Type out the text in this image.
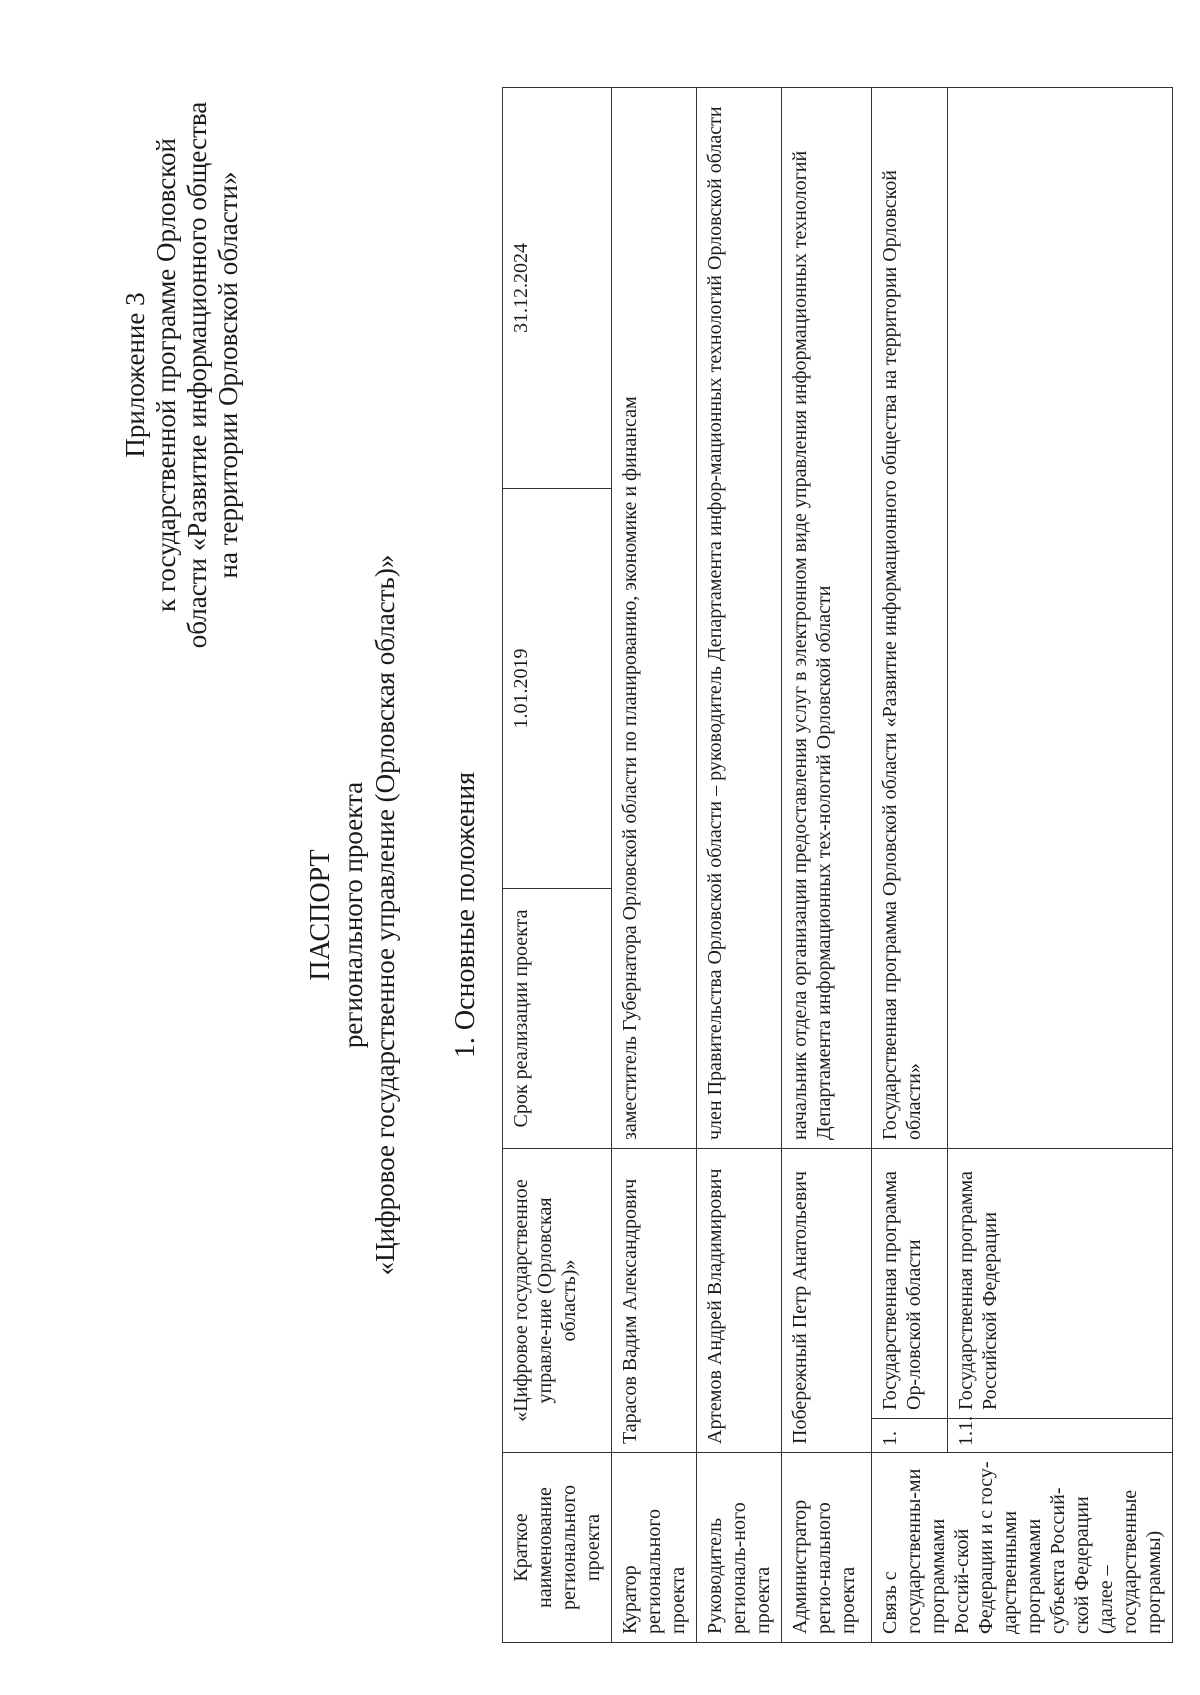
Приложение 3 к государственной программе Орловской области «Развитие информационного общества на территории Орловской области»
ПАСПОРТ регионального проекта «Цифровое государственное управление (Орловская область)» 1. Основные положения
Краткое наименование регионального проекта	«Цифровое государственное управле-ние (Орловская область)»		Срок реализации проекта	1.01.2019	31.12.2024
Куратор регионального проекта	Тарасов Вадим Александрович		заместитель Губернатора Орловской области по планированию, экономике и финансам		
Руководитель региональ-ного проекта	Артемов Андрей Владимирович		член Правительства Орловской области – руководитель Департамента инфор-мационных технологий Орловской области		
Администратор регио-нального проекта	Побережный Петр Анатольевич		начальник отдела организации предоставления услуг в электронном виде управления информационных технологий Департамента информационных тех-нологий Орловской области		
Связь с государственны-ми программами Россий-ской Федерации и с госу-дарственными программами субъекта Россий-ской Федерации (далее – государственные программы)	1.	Государственная программа Ор-ловской области	Государственная программа Орловской области «Развитие информационного общества на территории Орловской области»		
	1.1.	Государственная программа Российской Федерации			
